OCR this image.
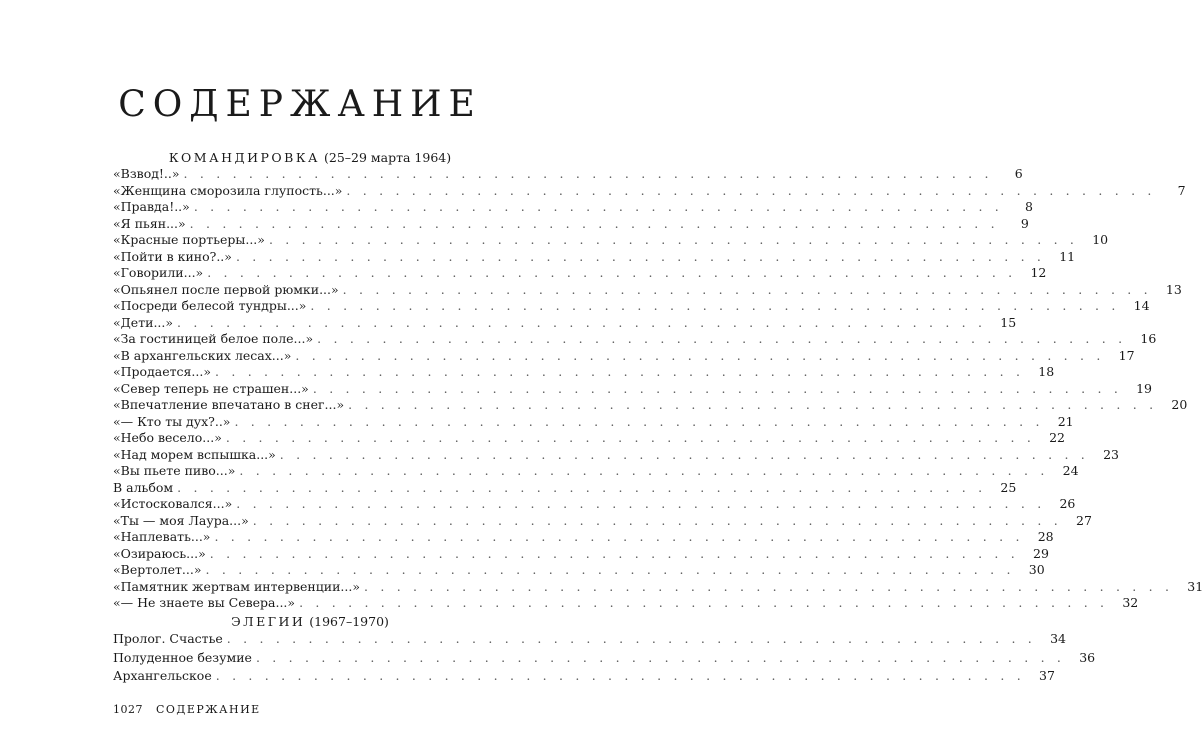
СОДЕРЖАНИЕ
КОМАНДИРОВКА (25–29 марта 1964)
«Взвод!..» . . . . . . . . . . . . . . . . . . . . . . . . . . . . . . . . . . . . . . . . . . . . . . . . . .	6
«Женщина сморозила глупость...» . . . . . . . . . . . . . . . . . . . . . . . . . . . . . . . . . . . . . . . . . . . . . . . . . .	7
«Правда!..» . . . . . . . . . . . . . . . . . . . . . . . . . . . . . . . . . . . . . . . . . . . . . . . . . .	8
«Я пьян...» . . . . . . . . . . . . . . . . . . . . . . . . . . . . . . . . . . . . . . . . . . . . . . . . . .	9
«Красные портьеры...» . . . . . . . . . . . . . . . . . . . . . . . . . . . . . . . . . . . . . . . . . . . . . . . . . .	10
«Пойти в кино?..» . . . . . . . . . . . . . . . . . . . . . . . . . . . . . . . . . . . . . . . . . . . . . . . . . .	11
«Говорили...» . . . . . . . . . . . . . . . . . . . . . . . . . . . . . . . . . . . . . . . . . . . . . . . . . .	12
«Опьянел после первой рюмки...» . . . . . . . . . . . . . . . . . . . . . . . . . . . . . . . . . . . . . . . . . . . . . . . . . .	13
«Посреди белесой тундры...» . . . . . . . . . . . . . . . . . . . . . . . . . . . . . . . . . . . . . . . . . . . . . . . . . .	14
«Дети...» . . . . . . . . . . . . . . . . . . . . . . . . . . . . . . . . . . . . . . . . . . . . . . . . . .	15
«За гостиницей белое поле...» . . . . . . . . . . . . . . . . . . . . . . . . . . . . . . . . . . . . . . . . . . . . . . . . . .	16
«В архангельских лесах...» . . . . . . . . . . . . . . . . . . . . . . . . . . . . . . . . . . . . . . . . . . . . . . . . . .	17
«Продается...» . . . . . . . . . . . . . . . . . . . . . . . . . . . . . . . . . . . . . . . . . . . . . . . . . .	18
«Север теперь не страшен...» . . . . . . . . . . . . . . . . . . . . . . . . . . . . . . . . . . . . . . . . . . . . . . . . . .	19
«Впечатление впечатано в снег...» . . . . . . . . . . . . . . . . . . . . . . . . . . . . . . . . . . . . . . . . . . . . . . . . . .	20
«— Кто ты дух?..» . . . . . . . . . . . . . . . . . . . . . . . . . . . . . . . . . . . . . . . . . . . . . . . . . .	21
«Небо весело...» . . . . . . . . . . . . . . . . . . . . . . . . . . . . . . . . . . . . . . . . . . . . . . . . . .	22
«Над морем вспышка...» . . . . . . . . . . . . . . . . . . . . . . . . . . . . . . . . . . . . . . . . . . . . . . . . . .	23
«Вы пьете пиво...» . . . . . . . . . . . . . . . . . . . . . . . . . . . . . . . . . . . . . . . . . . . . . . . . . .	24
В альбом . . . . . . . . . . . . . . . . . . . . . . . . . . . . . . . . . . . . . . . . . . . . . . . . . .	25
«Истосковался...» . . . . . . . . . . . . . . . . . . . . . . . . . . . . . . . . . . . . . . . . . . . . . . . . . .	26
«Ты — моя Лаура...» . . . . . . . . . . . . . . . . . . . . . . . . . . . . . . . . . . . . . . . . . . . . . . . . . .	27
«Наплевать...» . . . . . . . . . . . . . . . . . . . . . . . . . . . . . . . . . . . . . . . . . . . . . . . . . .	28
«Озираюсь...» . . . . . . . . . . . . . . . . . . . . . . . . . . . . . . . . . . . . . . . . . . . . . . . . . .	29
«Вертолет...» . . . . . . . . . . . . . . . . . . . . . . . . . . . . . . . . . . . . . . . . . . . . . . . . . .	30
«Памятник жертвам интервенции...» . . . . . . . . . . . . . . . . . . . . . . . . . . . . . . . . . . . . . . . . . . . . . . . . . .	31
«— Не знаете вы Севера...» . . . . . . . . . . . . . . . . . . . . . . . . . . . . . . . . . . . . . . . . . . . . . . . . . .	32
ЭЛЕГИИ (1967–1970)
Пролог. Счастье . . . . . . . . . . . . . . . . . . . . . . . . . . . . . . . . . . . . . . . . . . . . . . . . . .	34
Полуденное безумие . . . . . . . . . . . . . . . . . . . . . . . . . . . . . . . . . . . . . . . . . . . . . . . . . .	36
Архангельское . . . . . . . . . . . . . . . . . . . . . . . . . . . . . . . . . . . . . . . . . . . . . . . . . .	37
1027 СОДЕРЖАНИЕ
